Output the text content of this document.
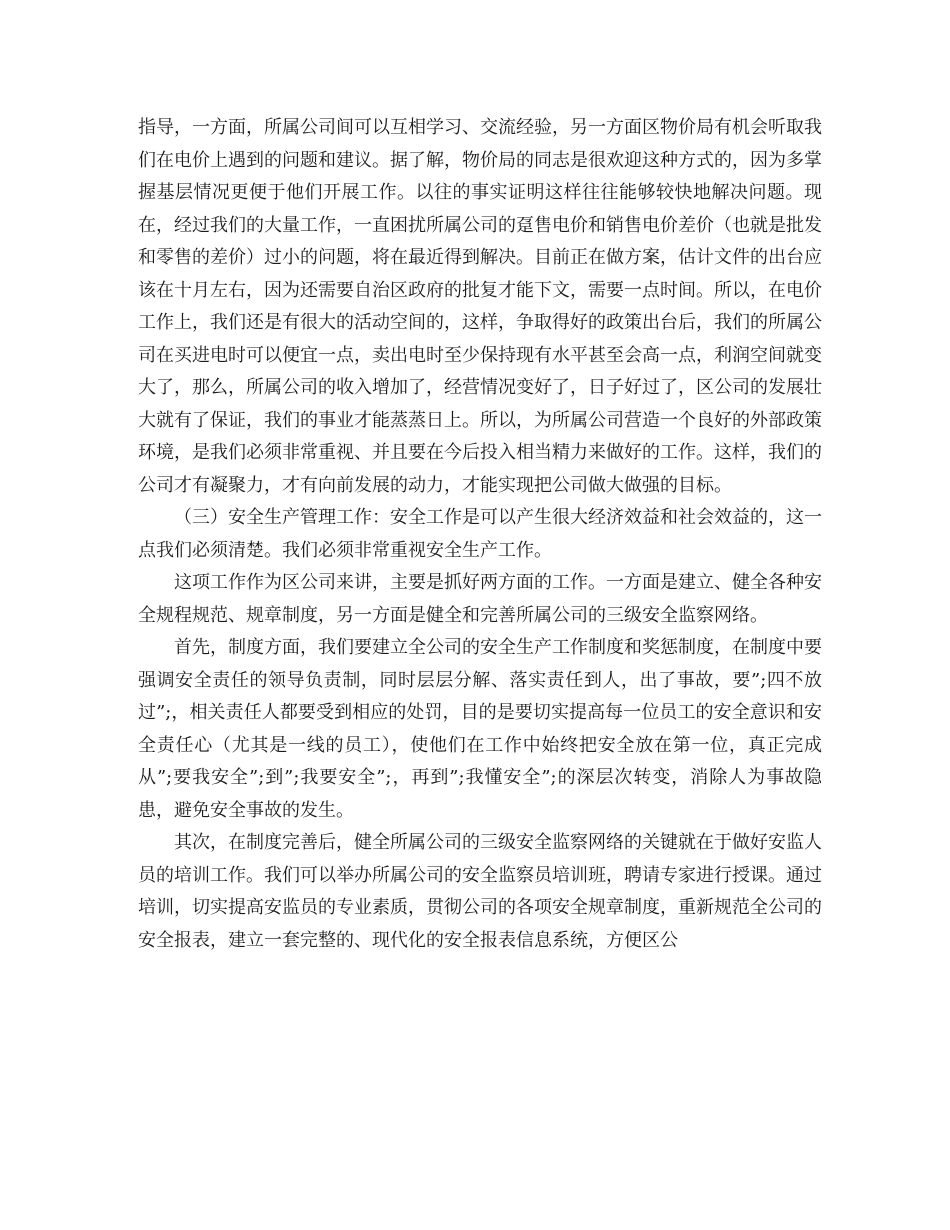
指导，一方面，所属公司间可以互相学习、交流经验，另一方面区物价局有机会听取我们在电价上遇到的问题和建议。据了解，物价局的同志是很欢迎这种方式的，因为多掌握基层情况更便于他们开展工作。以往的事实证明这样往往能够较快地解决问题。现在，经过我们的大量工作，一直困扰所属公司的趸售电价和销售电价差价（也就是批发和零售的差价）过小的问题，将在最近得到解决。目前正在做方案，估计文件的出台应该在十月左右，因为还需要自治区政府的批复才能下文，需要一点时间。所以，在电价工作上，我们还是有很大的活动空间的，这样，争取得好的政策出台后，我们的所属公司在买进电时可以便宜一点，卖出电时至少保持现有水平甚至会高一点，利润空间就变大了，那么，所属公司的收入增加了，经营情况变好了，日子好过了，区公司的发展壮大就有了保证，我们的事业才能蒸蒸日上。所以，为所属公司营造一个良好的外部政策环境，是我们必须非常重视、并且要在今后投入相当精力来做好的工作。这样，我们的公司才有凝聚力，才有向前发展的动力，才能实现把公司做大做强的目标。

（三）安全生产管理工作：安全工作是可以产生很大经济效益和社会效益的，这一点我们必须清楚。我们必须非常重视安全生产工作。

这项工作作为区公司来讲，主要是抓好两方面的工作。一方面是建立、健全各种安全规程规范、规章制度，另一方面是健全和完善所属公司的三级安全监察网络。

首先，制度方面，我们要建立全公司的安全生产工作制度和奖惩制度，在制度中要强调安全责任的领导负责制，同时层层分解、落实责任到人，出了事故，要”;四不放过”;，相关责任人都要受到相应的处罚，目的是要切实提高每一位员工的安全意识和安全责任心（尤其是一线的员工），使他们在工作中始终把安全放在第一位，真正完成从”;要我安全”;到”;我要安全”;，再到”;我懂安全”;的深层次转变，消除人为事故隐患，避免安全事故的发生。

其次，在制度完善后，健全所属公司的三级安全监察网络的关键就在于做好安监人员的培训工作。我们可以举办所属公司的安全监察员培训班，聘请专家进行授课。通过培训，切实提高安监员的专业素质，贯彻公司的各项安全规章制度，重新规范全公司的安全报表，建立一套完整的、现代化的安全报表信息系统，方便区公
